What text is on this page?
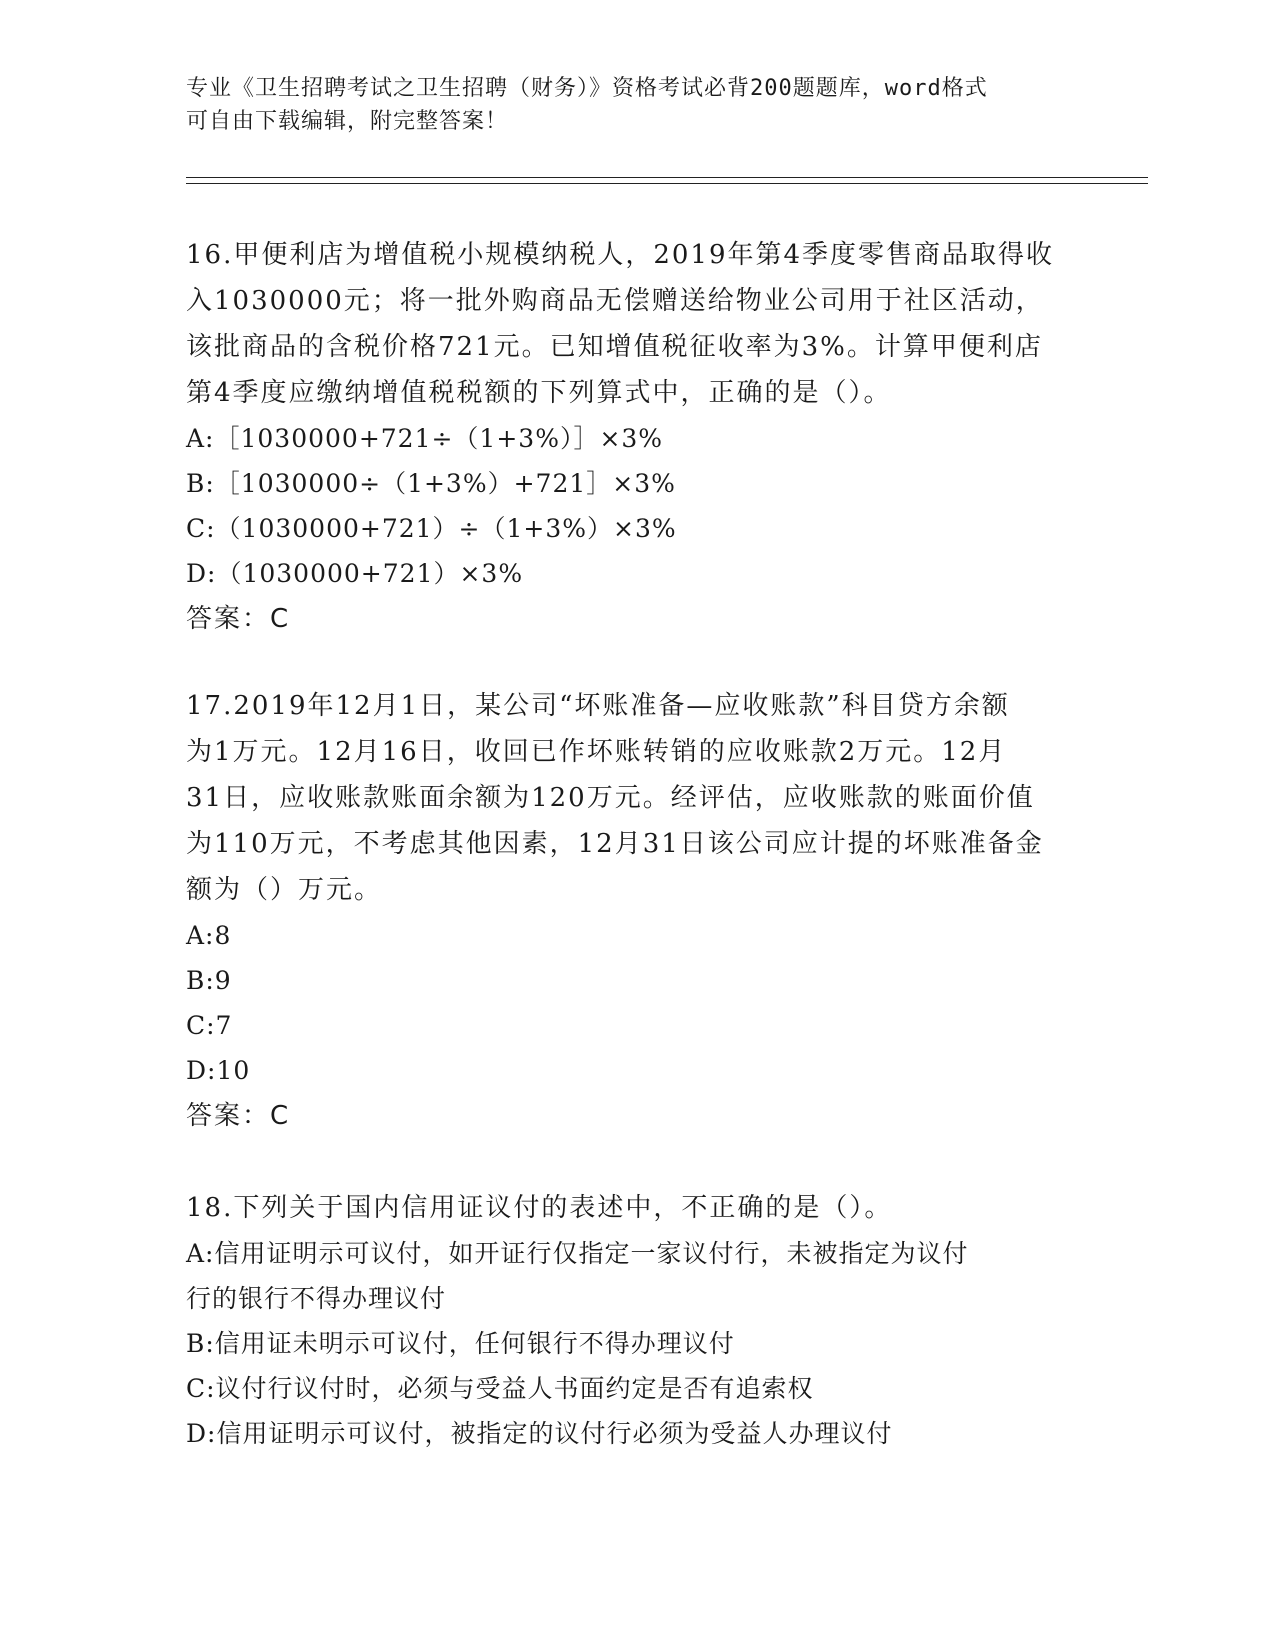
专业《卫生招聘考试之卫生招聘（财务）》资格考试必背200题题库，word格式
可自由下载编辑，附完整答案！

16.甲便利店为增值税小规模纳税人，2019年第4季度零售商品取得收

入1030000元；将一批外购商品无偿赠送给物业公司用于社区活动，

该批商品的含税价格721元。已知增值税征收率为3%。计算甲便利店

第4季度应缴纳增值税税额的下列算式中，正确的是（）。

A:［1030000+721÷（1+3%）］×3%

B:［1030000÷（1+3%）+721］×3%

C:（1030000+721）÷（1+3%）×3%

D:（1030000+721）×3%

答案：C

17.2019年12月1日，某公司“坏账准备—应收账款”科目贷方余额

为1万元。12月16日，收回已作坏账转销的应收账款2万元。12月

31日，应收账款账面余额为120万元。经评估，应收账款的账面价值

为110万元，不考虑其他因素，12月31日该公司应计提的坏账准备金

额为（）万元。

A:8

B:9

C:7

D:10

答案：C

18.下列关于国内信用证议付的表述中，不正确的是（）。

A:信用证明示可议付，如开证行仅指定一家议付行，未被指定为议付

行的银行不得办理议付

B:信用证未明示可议付，任何银行不得办理议付

C:议付行议付时，必须与受益人书面约定是否有追索权

D:信用证明示可议付，被指定的议付行必须为受益人办理议付
